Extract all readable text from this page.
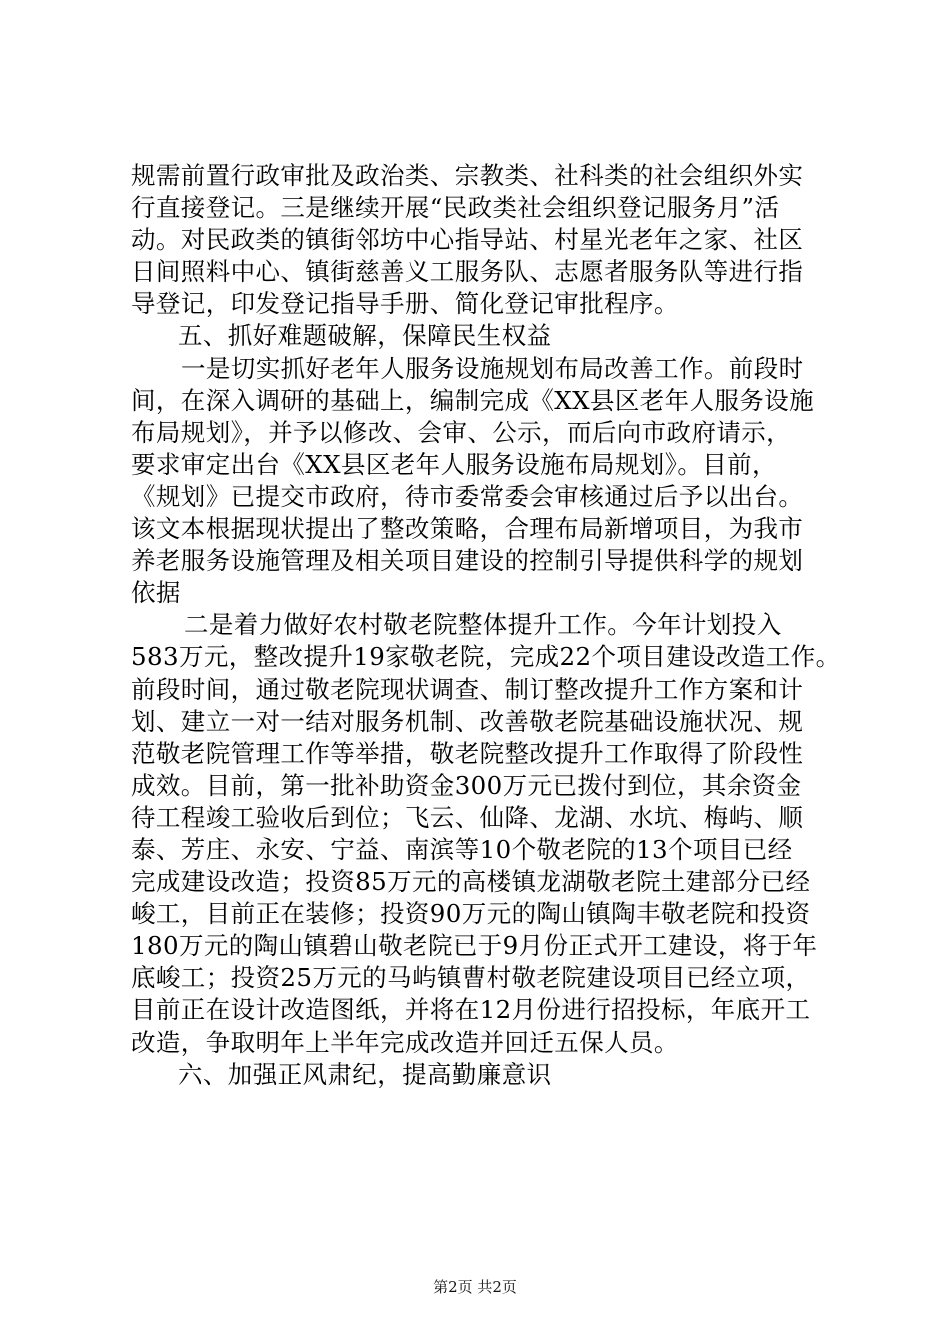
规需前置行政审批及政治类、宗教类、社科类的社会组织外实
行直接登记。三是继续开展“民政类社会组织登记服务月”活
动。对民政类的镇街邻坊中心指导站、村星光老年之家、社区
日间照料中心、镇街慈善义工服务队、志愿者服务队等进行指
导登记，印发登记指导手册、简化登记审批程序。
五、抓好难题破解，保障民生权益
一是切实抓好老年人服务设施规划布局改善工作。前段时
间，在深入调研的基础上，编制完成《XX县区老年人服务设施
布局规划》，并予以修改、会审、公示，而后向市政府请示，
要求审定出台《XX县区老年人服务设施布局规划》。目前，
《规划》已提交市政府，待市委常委会审核通过后予以出台。
该文本根据现状提出了整改策略，合理布局新增项目，为我市
养老服务设施管理及相关项目建设的控制引导提供科学的规划
依据
二是着力做好农村敬老院整体提升工作。今年计划投入
583万元，整改提升19家敬老院，完成22个项目建设改造工作。
前段时间，通过敬老院现状调查、制订整改提升工作方案和计
划、建立一对一结对服务机制、改善敬老院基础设施状况、规
范敬老院管理工作等举措，敬老院整改提升工作取得了阶段性
成效。目前，第一批补助资金300万元已拨付到位，其余资金
待工程竣工验收后到位；飞云、仙降、龙湖、水坑、梅屿、顺
泰、芳庄、永安、宁益、南滨等10个敬老院的13个项目已经
完成建设改造；投资85万元的高楼镇龙湖敬老院土建部分已经
峻工，目前正在装修；投资90万元的陶山镇陶丰敬老院和投资
180万元的陶山镇碧山敬老院已于9月份正式开工建设，将于年
底峻工；投资25万元的马屿镇曹村敬老院建设项目已经立项，
目前正在设计改造图纸，并将在12月份进行招投标，年底开工
改造，争取明年上半年完成改造并回迁五保人员。
六、加强正风肃纪，提高勤廉意识
第2页 共2页
